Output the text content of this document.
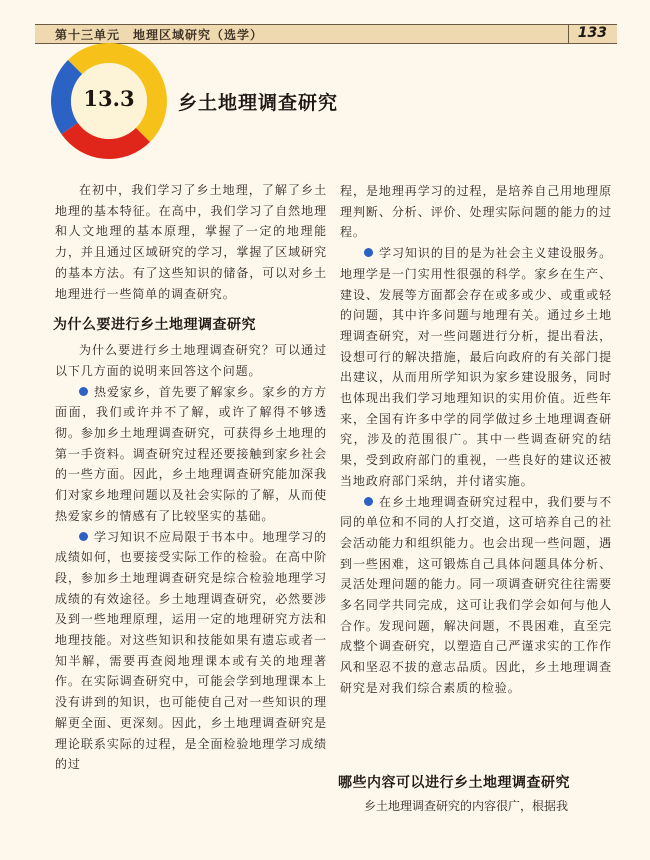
第十三单元　地理区域研究（选学）	133
13.3	乡土地理调查研究

在初中，我们学习了乡土地理，了解了乡土地理的基本特征。在高中，我们学习了自然地理和人文地理的基本原理，掌握了一定的地理能力，并且通过区域研究的学习，掌握了区域研究的基本方法。有了这些知识的储备，可以对乡土地理进行一些简单的调查研究。

为什么要进行乡土地理调查研究

为什么要进行乡土地理调查研究？可以通过以下几方面的说明来回答这个问题。

热爱家乡，首先要了解家乡。家乡的方方面面，我们或许并不了解，或许了解得不够透彻。参加乡土地理调查研究，可获得乡土地理的第一手资料。调查研究过程还要接触到家乡社会的一些方面。因此，乡土地理调查研究能加深我们对家乡地理问题以及社会实际的了解，从而使热爱家乡的情感有了比较坚实的基础。

学习知识不应局限于书本中。地理学习的成绩如何，也要接受实际工作的检验。在高中阶段，参加乡土地理调查研究是综合检验地理学习成绩的有效途径。乡土地理调查研究，必然要涉及到一些地理原理，运用一定的地理研究方法和地理技能。对这些知识和技能如果有遗忘或者一知半解，需要再查阅地理课本或有关的地理著作。在实际调查研究中，可能会学到地理课本上没有讲到的知识，也可能使自己对一些知识的理解更全面、更深刻。因此，乡土地理调查研究是理论联系实际的过程，是全面检验地理学习成绩的过

程，是地理再学习的过程，是培养自己用地理原理判断、分析、评价、处理实际问题的能力的过程。

学习知识的目的是为社会主义建设服务。地理学是一门实用性很强的科学。家乡在生产、建设、发展等方面都会存在或多或少、或重或轻的问题，其中许多问题与地理有关。通过乡土地理调查研究，对一些问题进行分析，提出看法，设想可行的解决措施，最后向政府的有关部门提出建议，从而用所学知识为家乡建设服务，同时也体现出我们学习地理知识的实用价值。近些年来，全国有许多中学的同学做过乡土地理调查研究，涉及的范围很广。其中一些调查研究的结果，受到政府部门的重视，一些良好的建议还被当地政府部门采纳，并付诸实施。

在乡土地理调查研究过程中，我们要与不同的单位和不同的人打交道，这可培养自己的社会活动能力和组织能力。也会出现一些问题，遇到一些困难，这可锻炼自己具体问题具体分析、灵活处理问题的能力。同一项调查研究往往需要多名同学共同完成，这可让我们学会如何与他人合作。发现问题，解决问题，不畏困难，直至完成整个调查研究，以塑造自己严谨求实的工作作风和坚忍不拔的意志品质。因此，乡土地理调查研究是对我们综合素质的检验。

哪些内容可以进行乡土地理调查研究

乡土地理调查研究的内容很广，根据我
